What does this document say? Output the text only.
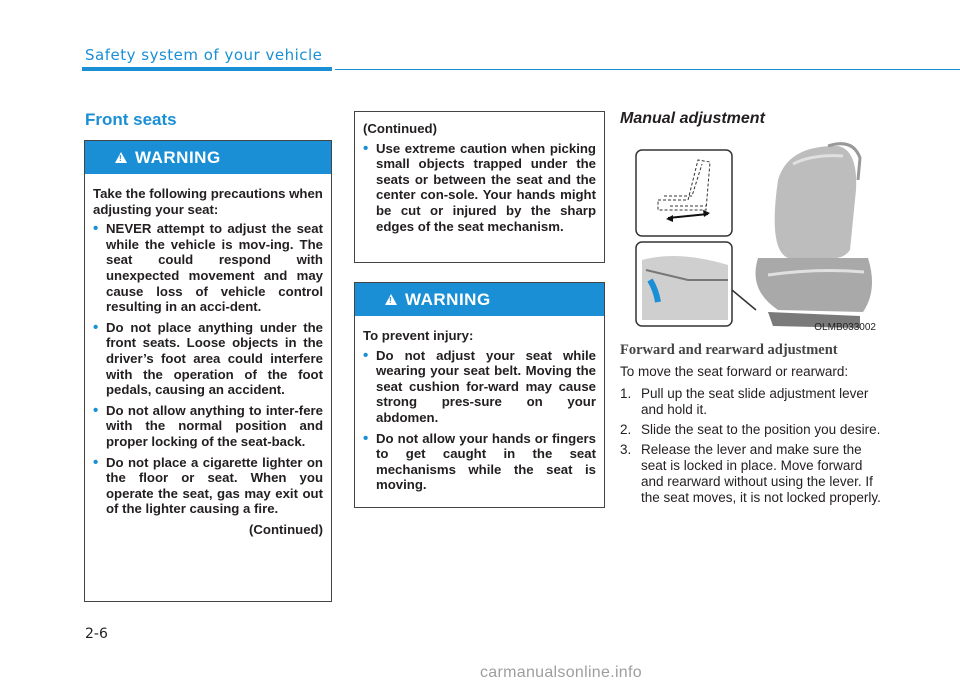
Safety system of your vehicle
Front seats
!
WARNING

Take the following precautions when adjusting your seat:

• NEVER attempt to adjust the seat while the vehicle is mov-ing. The seat could respond with unexpected movement and may cause loss of vehicle control resulting in an acci-dent.
• Do not place anything under the front seats. Loose objects in the driver’s foot area could interfere with the operation of the foot pedals, causing an accident.
• Do not allow anything to inter-fere with the normal position and proper locking of the seat-back.
• Do not place a cigarette lighter on the floor or seat. When you operate the seat, gas may exit out of the lighter causing a fire.
(Continued)

(Continued)

• Use extreme caution when picking small objects trapped under the seats or between the seat and the center con-sole. Your hands might be cut or injured by the sharp edges of the seat mechanism.
!
WARNING

To prevent injury:

• Do not adjust your seat while wearing your seat belt. Moving the seat cushion for-ward may cause strong pres-sure on your abdomen.
• Do not allow your hands or fingers to get caught in the seat mechanisms while the seat is moving.
Manual adjustment
OLMB033002
Forward and rearward adjustment
To move the seat forward or rearward:
1. Pull up the seat slide adjustment lever and hold it.
2. Slide the seat to the position you desire.
3. Release the lever and make sure the seat is locked in place. Move forward and rearward without using the lever. If the seat moves, it is not locked properly.
2-6
carmanualsonline.info
